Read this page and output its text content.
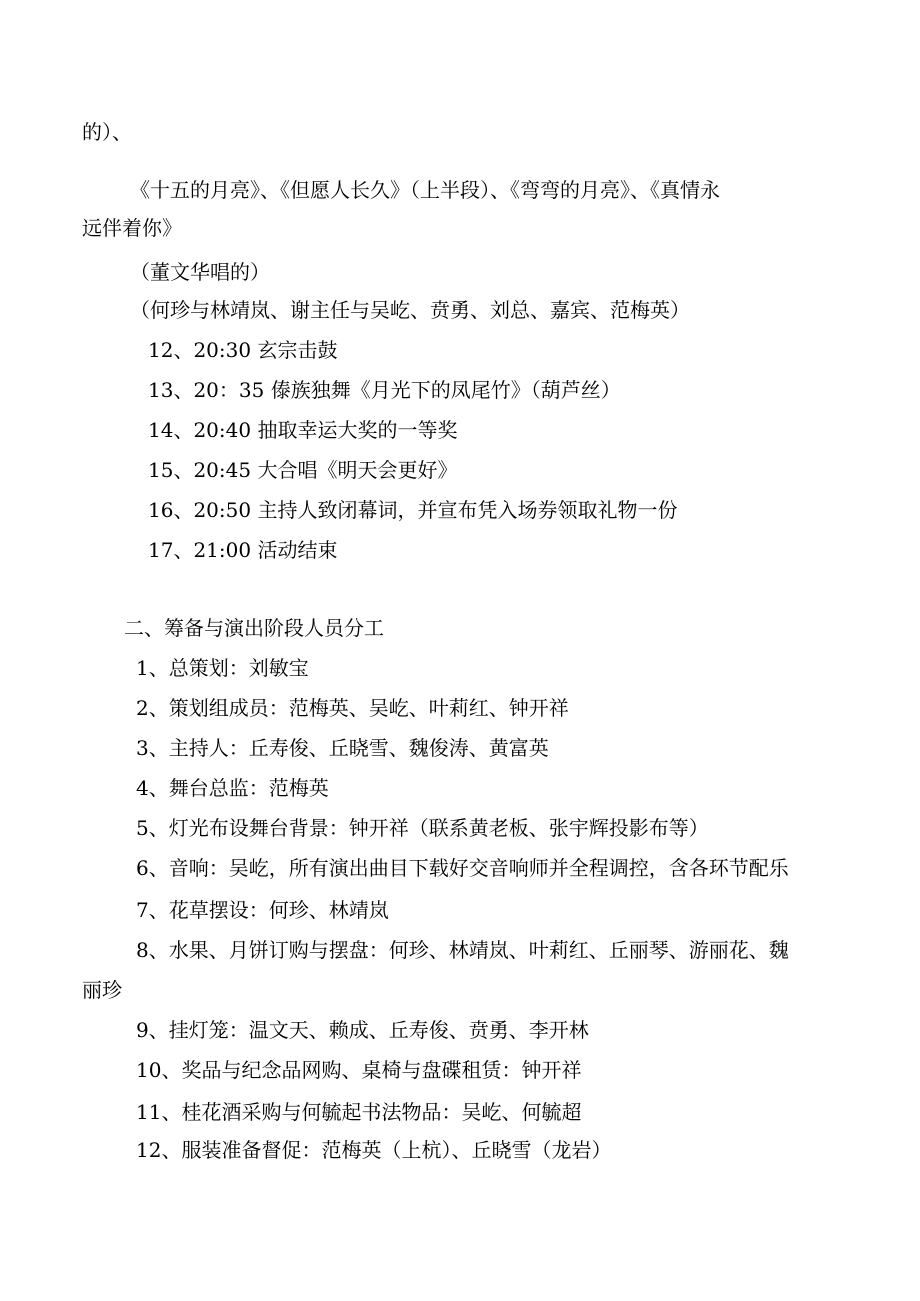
的）、
《十五的月亮》、《但愿人长久》（上半段）、《弯弯的月亮》、《真情永
远伴着你》
（董文华唱的）
（何珍与林靖岚、谢主任与吴屹、贲勇、刘总、嘉宾、范梅英）
12、20:30 玄宗击鼓
13、20：35 傣族独舞《月光下的凤尾竹》（葫芦丝）
14、20:40 抽取幸运大奖的一等奖
15、20:45 大合唱《明天会更好》
16、20:50 主持人致闭幕词，并宣布凭入场券领取礼物一份
17、21:00 活动结束
二、筹备与演出阶段人员分工
1、总策划：刘敏宝
2、策划组成员：范梅英、吴屹、叶莉红、钟开祥
3、主持人：丘寿俊、丘晓雪、魏俊涛、黄富英
4、舞台总监：范梅英
5、灯光布设舞台背景：钟开祥（联系黄老板、张宇辉投影布等）
6、音响：吴屹，所有演出曲目下载好交音响师并全程调控，含各环节配乐
7、花草摆设：何珍、林靖岚
8、水果、月饼订购与摆盘：何珍、林靖岚、叶莉红、丘丽琴、游丽花、魏
丽珍
9、挂灯笼：温文天、赖成、丘寿俊、贲勇、李开林
10、奖品与纪念品网购、桌椅与盘碟租赁：钟开祥
11、桂花酒采购与何毓起书法物品：吴屹、何毓超
12、服装准备督促：范梅英（上杭）、丘晓雪（龙岩）
